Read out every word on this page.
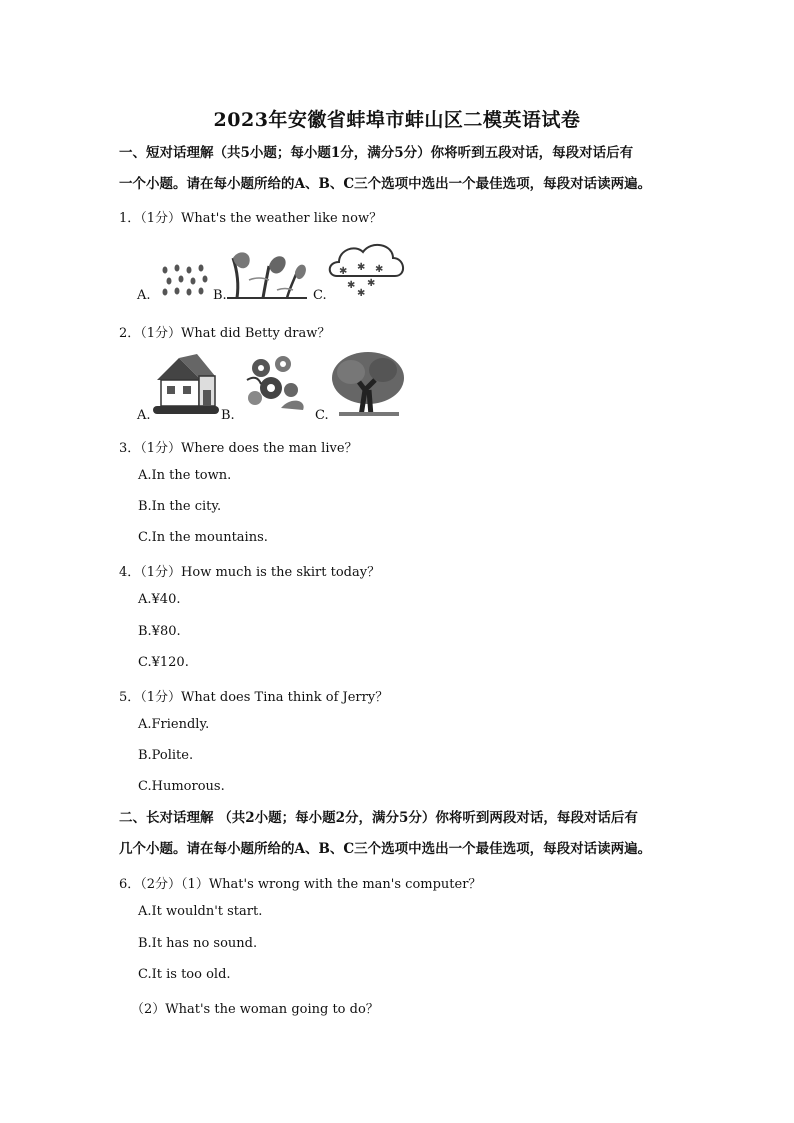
2023年安徽省蚌埠市蚌山区二模英语试卷
一、短对话理解（共5小题；每小题1分，满分5分）你将听到五段对话，每段对话后有
一个小题。请在每小题所给的A、B、C三个选项中选出一个最佳选项，每段对话读两遍。
1．（1分）What's the weather like now？
A.	B.	C.
✱ ✱ ✱
✱ ✱
✱
2．（1分）What did Betty draw？
A.	B.	C.
3．（1分）Where does the man live？
A.In the town.
B.In the city.
C.In the mountains.
4．（1分）How much is the skirt today？
A.¥40.
B.¥80.
C.¥120.
5．（1分）What does Tina think of Jerry？
A.Friendly.
B.Polite.
C.Humorous.
二、长对话理解 （共2小题；每小题2分，满分5分）你将听到两段对话，每段对话后有
几个小题。请在每小题所给的A、B、C三个选项中选出一个最佳选项，每段对话读两遍。
6．（2分）（1）What's wrong with the man's computer？
A.It wouldn't start.
B.It has no sound.
C.It is too old.
（2）What's the woman going to do？
